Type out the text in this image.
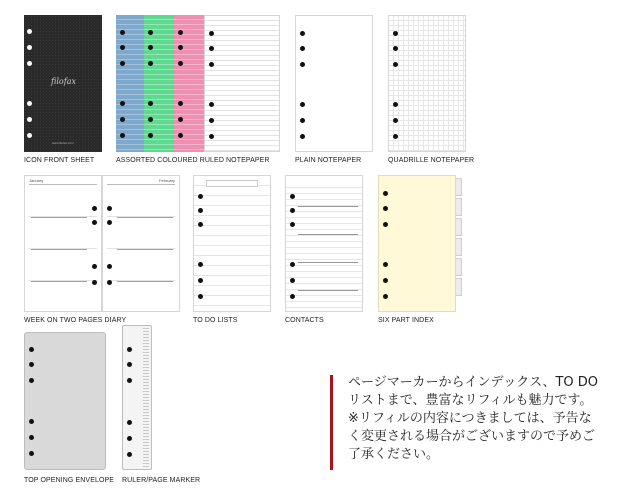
filofax
www.filofax.com
ICON FRONT SHEET	ASSORTED COLOURED RULED NOTEPAPER	PLAIN NOTEPAPER	QUADRILLE NOTEPAPER
January	February
WEEK ON TWO PAGES DIARY	TO DO LISTS	CONTACTS	SIX PART INDEX
TOP OPENING ENVELOPE RULER/PAGE MARKER
ページマーカーからインデックス、TO DO
リストまで、豊富なリフィルも魅力です。
※リフィルの内容につきましては、予告な
く変更される場合がございますので予めご
了承ください。
